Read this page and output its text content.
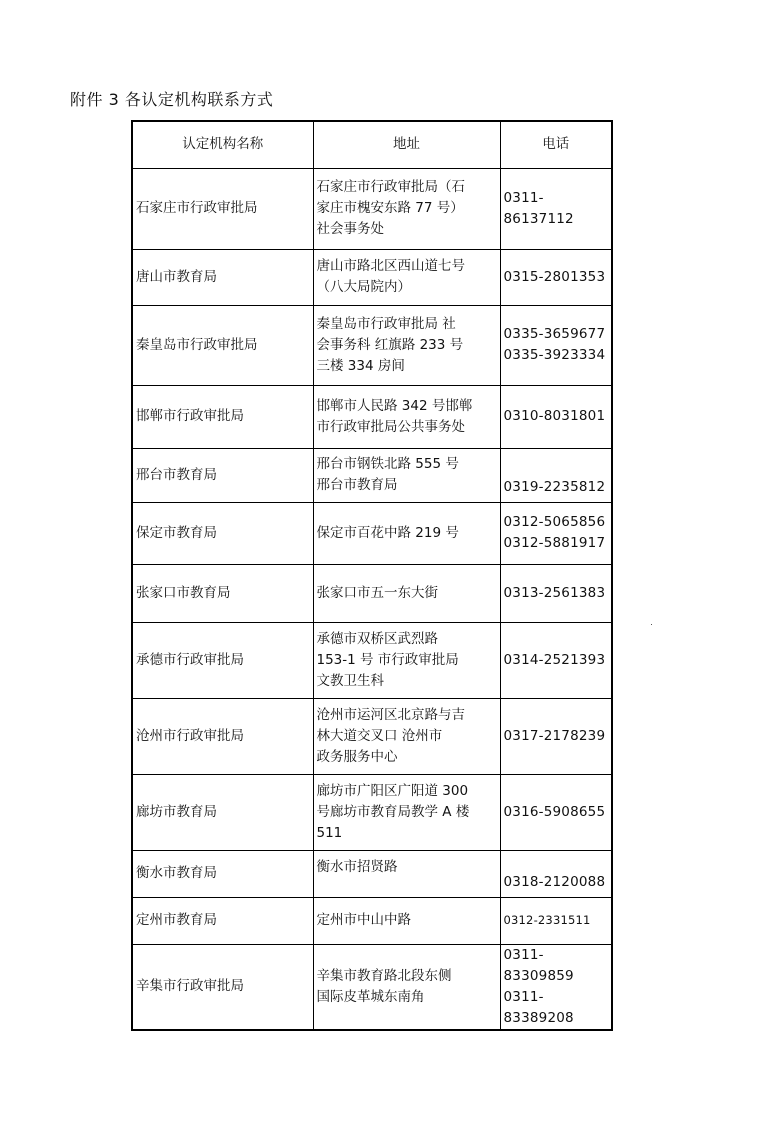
附件 3 各认定机构联系方式
认定机构名称	地址	电话
石家庄市行政审批局	石家庄市行政审批局（石
家庄市槐安东路 77 号）
社会事务处	0311-86137112
唐山市教育局	唐山市路北区西山道七号
（八大局院内）	0315-2801353
秦皇岛市行政审批局	秦皇岛市行政审批局 社
会事务科 红旗路 233 号
三楼 334 房间	0335-3659677
0335-3923334
邯郸市行政审批局	邯郸市人民路 342 号邯郸
市行政审批局公共事务处	0310-8031801
邢台市教育局	邢台市钢铁北路 555 号
邢台市教育局	0319-2235812
保定市教育局	保定市百花中路 219 号	0312-5065856
0312-5881917
张家口市教育局	张家口市五一东大街	0313-2561383
承德市行政审批局	承德市双桥区武烈路
153-1 号 市行政审批局
文教卫生科	0314-2521393
沧州市行政审批局	沧州市运河区北京路与吉
林大道交叉口 沧州市
政务服务中心	0317-2178239
廊坊市教育局	廊坊市广阳区广阳道 300
号廊坊市教育局教学 A 楼
511	0316-5908655
衡水市教育局	衡水市招贤路	0318-2120088
定州市教育局	定州市中山中路	0312-2331511
辛集市行政审批局	辛集市教育路北段东侧
国际皮革城东南角	0311-83309859
0311-83389208
